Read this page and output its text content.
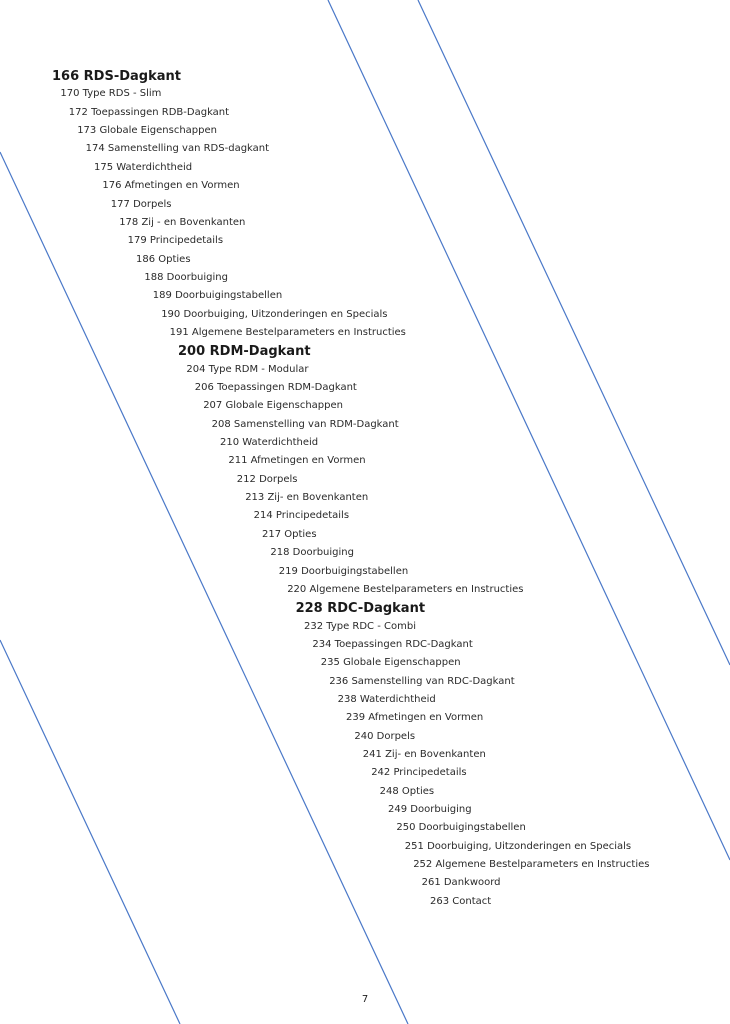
166 RDS-Dagkant
170 Type RDS - Slim
172 Toepassingen RDB-Dagkant
173 Globale Eigenschappen
174 Samenstelling van RDS-dagkant
175 Waterdichtheid
176 Afmetingen en Vormen
177 Dorpels
178 Zij - en Bovenkanten
179 Principedetails
186 Opties
188 Doorbuiging
189 Doorbuigingstabellen
190 Doorbuiging, Uitzonderingen en Specials
191 Algemene Bestelparameters en Instructies
200 RDM-Dagkant
204 Type RDM - Modular
206 Toepassingen RDM-Dagkant
207 Globale Eigenschappen
208 Samenstelling van RDM-Dagkant
210 Waterdichtheid
211 Afmetingen en Vormen
212 Dorpels
213 Zij- en Bovenkanten
214 Principedetails
217 Opties
218 Doorbuiging
219 Doorbuigingstabellen
220 Algemene Bestelparameters en Instructies
228 RDC-Dagkant
232 Type RDC - Combi
234 Toepassingen RDC-Dagkant
235 Globale Eigenschappen
236 Samenstelling van RDC-Dagkant
238 Waterdichtheid
239 Afmetingen en Vormen
240 Dorpels
241 Zij- en Bovenkanten
242 Principedetails
248 Opties
249 Doorbuiging
250 Doorbuigingstabellen
251 Doorbuiging, Uitzonderingen en Specials
252 Algemene Bestelparameters en Instructies
261 Dankwoord
263 Contact
7
